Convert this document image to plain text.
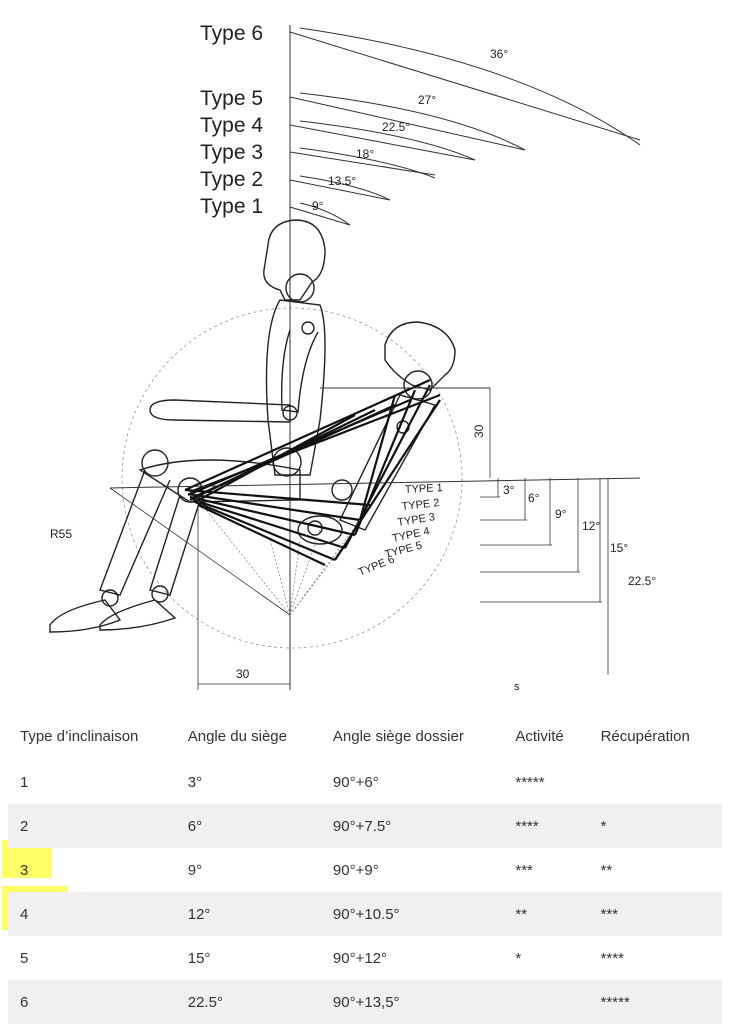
Type 6
Type 5
Type 4
Type 3
Type 2
Type 1
36°
27°
22.5°
18°
13.5°
9°
TYPE 1
TYPE 2
TYPE 3
TYPE 4
TYPE 5
TYPE 6
3°
6°
9°
12°
15°
22.5°
30
30
R55
s
Type d’inclinaison	Angle du siège	Angle siège dossier	Activité	Récupération
1	3°	90°+6°	*****	
2	6°	90°+7.5°	****	*
3	9°	90°+9°	***	**
4	12°	90°+10.5°	**	***
5	15°	90°+12°	*	****
6	22.5°	90°+13,5°		*****
